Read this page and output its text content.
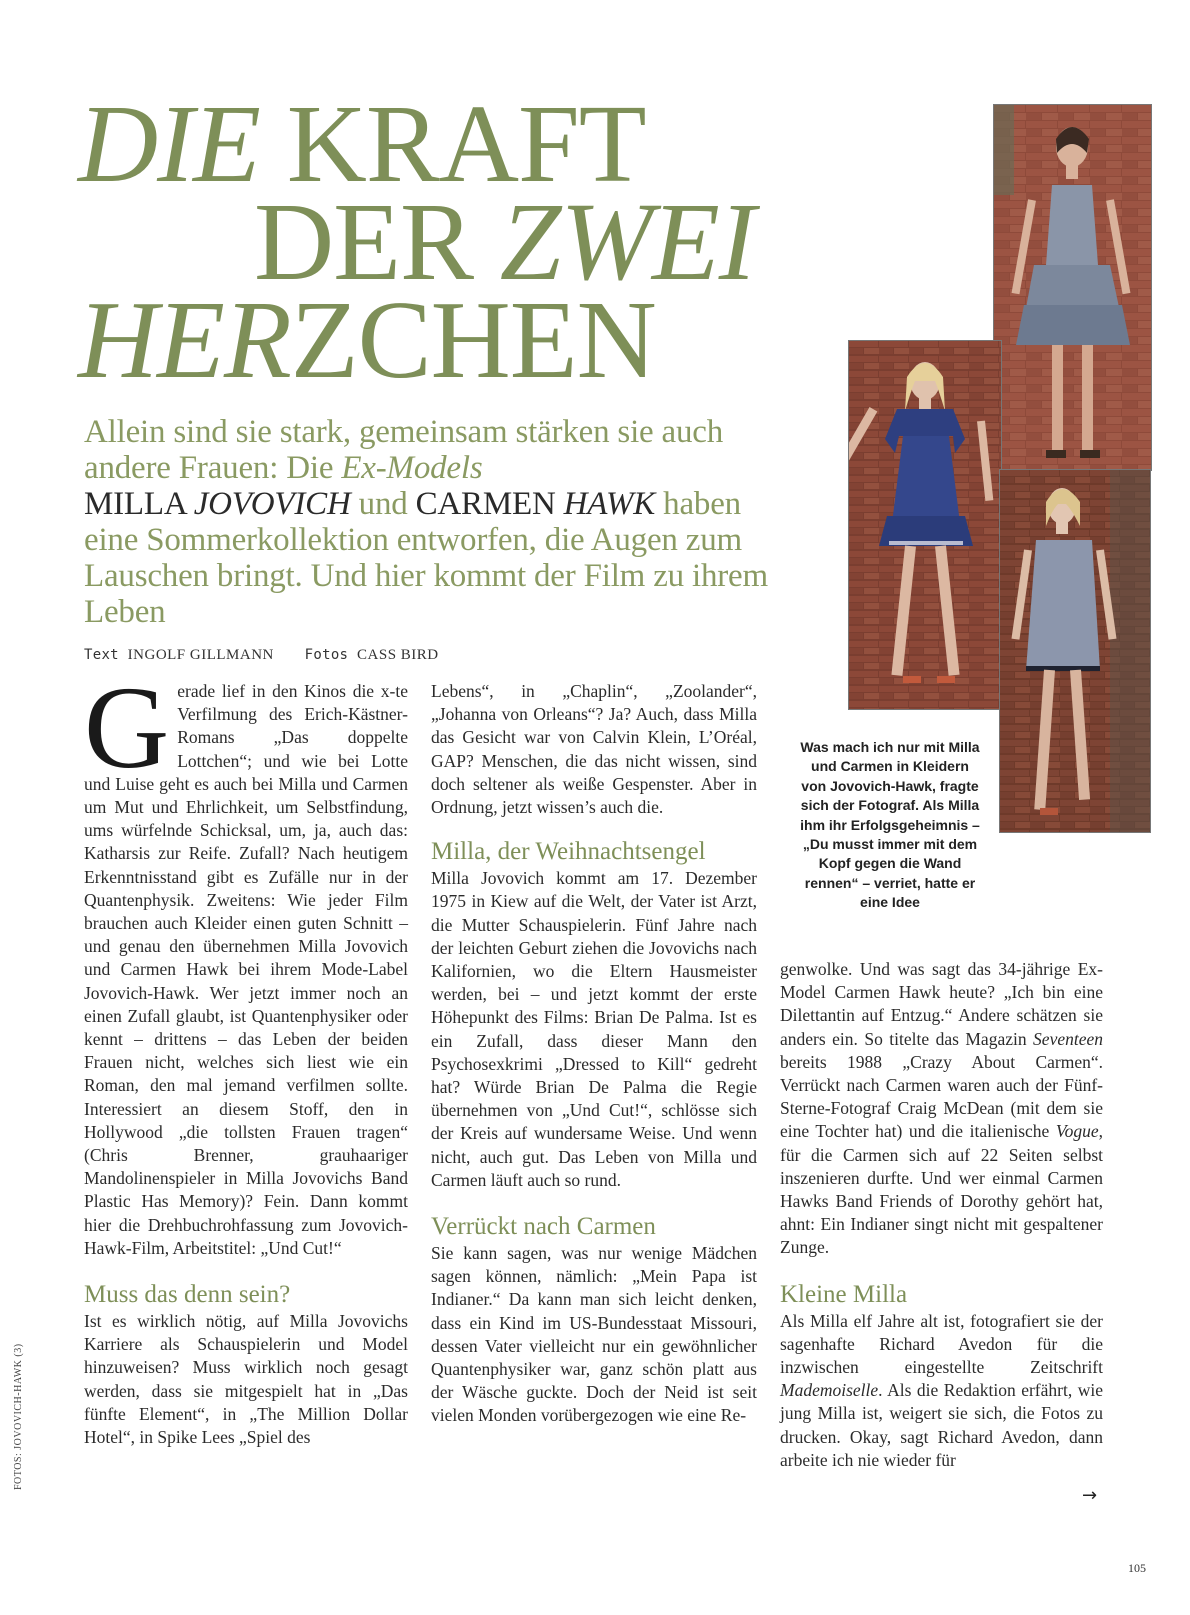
DIE KRAFT
DER ZWEI
HERZCHEN

Allein sind sie stark, gemeinsam stärken sie auch andere Frauen: Die Ex-Models
MILLA JOVOVICH und CARMEN HAWK haben eine Sommerkollektion entworfen, die Augen zum Lauschen bringt. Und hier kommt der Film zu ihrem Leben

Text INGOLF GILLMANN Fotos CASS BIRD

Gerade lief in den Kinos die x-te Verfilmung des Erich-Kästner-Romans „Das doppelte Lottchen“; und wie bei Lotte und Luise geht es auch bei Milla und Carmen um Mut und Ehrlichkeit, um Selbstfindung, ums würfelnde Schicksal, um, ja, auch das: Katharsis zur Reife. Zufall? Nach heutigem Erkenntnisstand gibt es Zufälle nur in der Quantenphysik. Zweitens: Wie jeder Film brauchen auch Kleider einen guten Schnitt – und genau den übernehmen Milla Jovovich und Carmen Hawk bei ihrem Mode-Label Jovovich-Hawk. Wer jetzt immer noch an einen Zufall glaubt, ist Quantenphysiker oder kennt – drittens – das Leben der beiden Frauen nicht, welches sich liest wie ein Roman, den mal jemand verfilmen sollte. Interessiert an diesem Stoff, den in Hollywood „die tollsten Frauen tragen“ (Chris Brenner, grauhaariger Mandolinenspieler in Milla Jovovichs Band Plastic Has Memory)? Fein. Dann kommt hier die Drehbuchrohfassung zum Jovovich-Hawk-Film, Arbeitstitel: „Und Cut!“

Muss das denn sein?

Ist es wirklich nötig, auf Milla Jovovichs Karriere als Schauspielerin und Model hinzuweisen? Muss wirklich noch gesagt werden, dass sie mitgespielt hat in „Das fünfte Element“, in „The Million Dollar Hotel“, in Spike Lees „Spiel des

Lebens“, in „Chaplin“, „Zoolander“, „Johanna von Orleans“? Ja? Auch, dass Milla das Gesicht war von Calvin Klein, L’Oréal, GAP? Menschen, die das nicht wissen, sind doch seltener als weiße Gespenster. Aber in Ordnung, jetzt wissen’s auch die.

Milla, der Weihnachtsengel

Milla Jovovich kommt am 17. Dezember 1975 in Kiew auf die Welt, der Vater ist Arzt, die Mutter Schauspielerin. Fünf Jahre nach der leichten Geburt ziehen die Jovovichs nach Kalifornien, wo die Eltern Hausmeister werden, bei – und jetzt kommt der erste Höhepunkt des Films: Brian De Palma. Ist es ein Zufall, dass dieser Mann den Psychosexkrimi „Dressed to Kill“ gedreht hat? Würde Brian De Palma die Regie übernehmen von „Und Cut!“, schlösse sich der Kreis auf wundersame Weise. Und wenn nicht, auch gut. Das Leben von Milla und Carmen läuft auch so rund.

Verrückt nach Carmen

Sie kann sagen, was nur wenige Mädchen sagen können, nämlich: „Mein Papa ist Indianer.“ Da kann man sich leicht denken, dass ein Kind im US-Bundesstaat Missouri, dessen Vater vielleicht nur ein gewöhnlicher Quantenphysiker war, ganz schön platt aus der Wäsche guckte. Doch der Neid ist seit vielen Monden vorübergezogen wie eine Re-

genwolke. Und was sagt das 34-jährige Ex-Model Carmen Hawk heute? „Ich bin eine Dilettantin auf Entzug.“ Andere schätzen sie anders ein. So titelte das Magazin Seventeen bereits 1988 „Crazy About Carmen“. Verrückt nach Carmen waren auch der Fünf-Sterne-Fotograf Craig McDean (mit dem sie eine Tochter hat) und die italienische Vogue, für die Carmen sich auf 22 Seiten selbst inszenieren durfte. Und wer einmal Carmen Hawks Band Friends of Dorothy gehört hat, ahnt: Ein Indianer singt nicht mit gespaltener Zunge.

Kleine Milla

Als Milla elf Jahre alt ist, fotografiert sie der sagenhafte Richard Avedon für die inzwischen eingestellte Zeitschrift Mademoiselle. Als die Redaktion erfährt, wie jung Milla ist, weigert sie sich, die Fotos zu drucken. Okay, sagt Richard Avedon, dann arbeite ich nie wieder für

Was mach ich nur mit Milla und Carmen in Kleidern von Jovovich-Hawk, fragte sich der Fotograf. Als Milla ihm ihr Erfolgsgeheimnis – „Du musst immer mit dem Kopf gegen die Wand rennen“ – verriet, hatte er eine Idee

FOTOS: JOVOVICH-HAWK (3)
→
105
